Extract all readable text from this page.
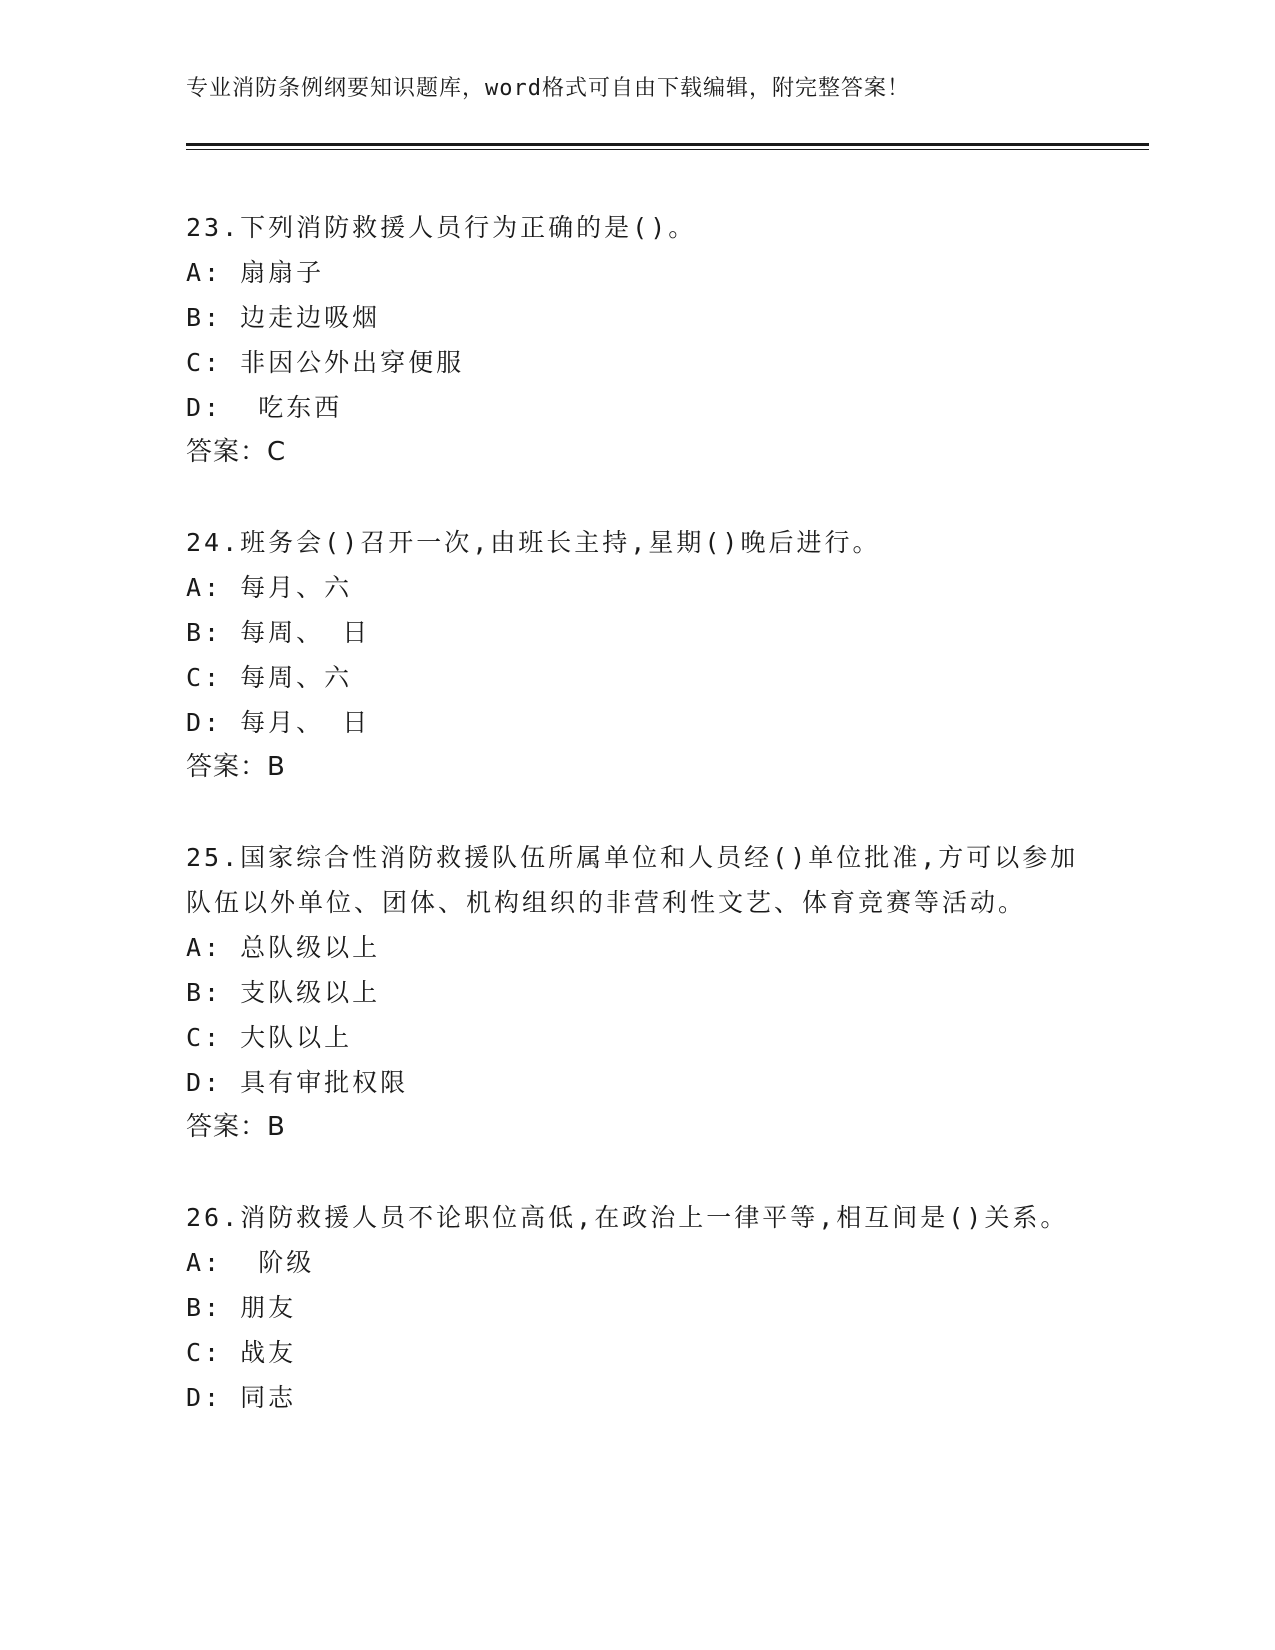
专业消防条例纲要知识题库，word格式可自由下载编辑，附完整答案！

23.下列消防救援人员行为正确的是()。

A: 扇扇子

B: 边走边吸烟

C: 非因公外出穿便服

D:  吃东西

答案：C

24.班务会()召开一次,由班长主持,星期()晚后进行。

A: 每月、六

B: 每周、 日

C: 每周、六

D: 每月、 日

答案：B

25.国家综合性消防救援队伍所属单位和人员经()单位批准,方可以参加队伍以外单位、团体、机构组织的非营利性文艺、体育竞赛等活动。

A: 总队级以上

B: 支队级以上

C: 大队以上

D: 具有审批权限

答案：B

26.消防救援人员不论职位高低,在政治上一律平等,相互间是()关系。

A:  阶级

B: 朋友

C: 战友

D: 同志
